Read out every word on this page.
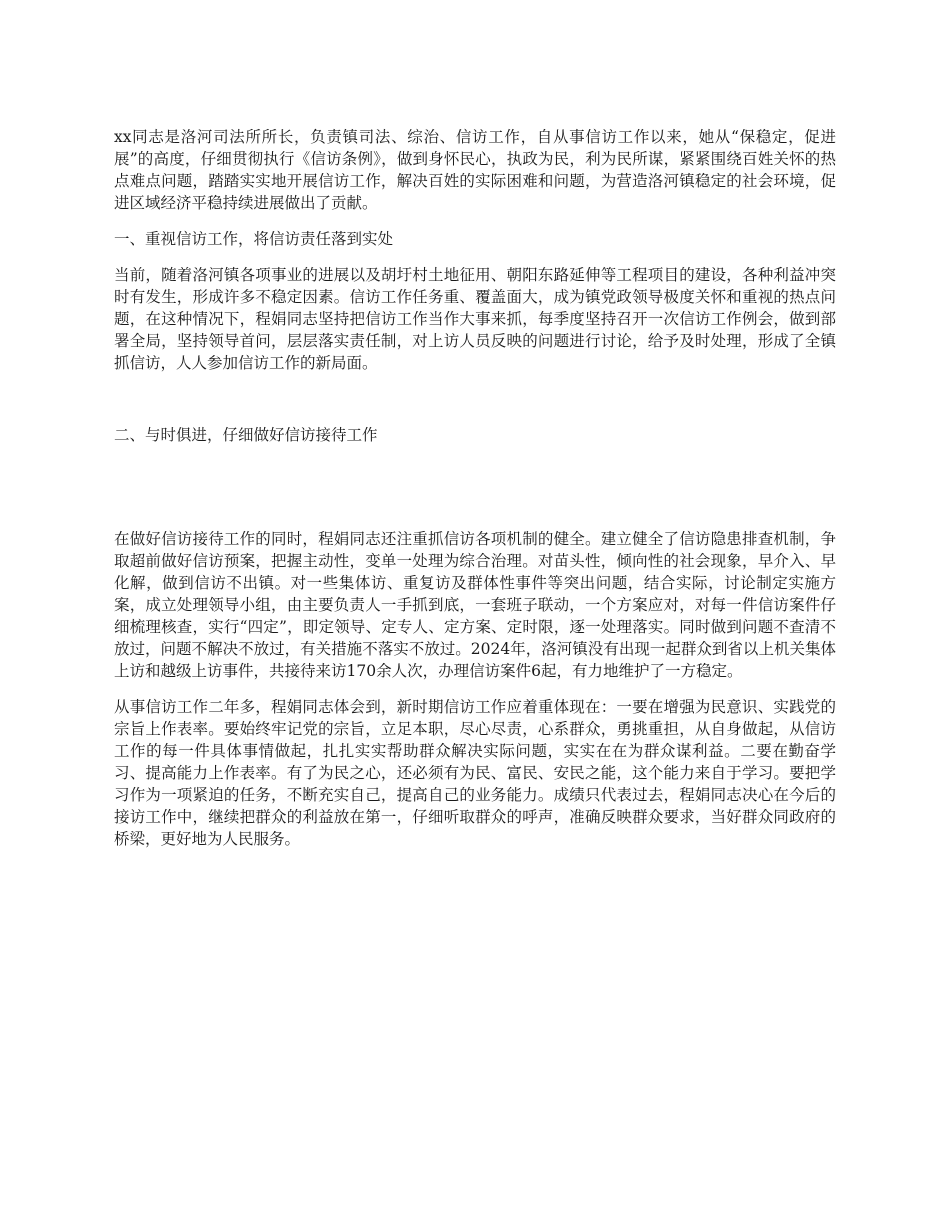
xx同志是洛河司法所所长，负责镇司法、综治、信访工作，自从事信访工作以来，她从“保稳定，促进展”的高度，仔细贯彻执行《信访条例》，做到身怀民心，执政为民，利为民所谋，紧紧围绕百姓关怀的热点难点问题，踏踏实实地开展信访工作，解决百姓的实际困难和问题，为营造洛河镇稳定的社会环境，促进区域经济平稳持续进展做出了贡献。

一、重视信访工作，将信访责任落到实处

当前，随着洛河镇各项事业的进展以及胡圩村土地征用、朝阳东路延伸等工程项目的建设，各种利益冲突时有发生，形成许多不稳定因素。信访工作任务重、覆盖面大，成为镇党政领导极度关怀和重视的热点问题，在这种情况下，程娟同志坚持把信访工作当作大事来抓，每季度坚持召开一次信访工作例会，做到部署全局，坚持领导首问，层层落实责任制，对上访人员反映的问题进行讨论，给予及时处理，形成了全镇抓信访，人人参加信访工作的新局面。

二、与时俱进，仔细做好信访接待工作

在做好信访接待工作的同时，程娟同志还注重抓信访各项机制的健全。建立健全了信访隐患排查机制，争取超前做好信访预案，把握主动性，变单一处理为综合治理。对苗头性，倾向性的社会现象，早介入、早化解，做到信访不出镇。对一些集体访、重复访及群体性事件等突出问题，结合实际，讨论制定实施方案，成立处理领导小组，由主要负责人一手抓到底，一套班子联动，一个方案应对，对每一件信访案件仔细梳理核查，实行“四定”，即定领导、定专人、定方案、定时限，逐一处理落实。同时做到问题不查清不放过，问题不解决不放过，有关措施不落实不放过。2024年，洛河镇没有出现一起群众到省以上机关集体上访和越级上访事件，共接待来访170余人次，办理信访案件6起，有力地维护了一方稳定。

从事信访工作二年多，程娟同志体会到，新时期信访工作应着重体现在：一要在增强为民意识、实践党的宗旨上作表率。要始终牢记党的宗旨，立足本职，尽心尽责，心系群众，勇挑重担，从自身做起，从信访工作的每一件具体事情做起，扎扎实实帮助群众解决实际问题，实实在在为群众谋利益。二要在勤奋学习、提高能力上作表率。有了为民之心，还必须有为民、富民、安民之能，这个能力来自于学习。要把学习作为一项紧迫的任务，不断充实自己，提高自己的业务能力。成绩只代表过去，程娟同志决心在今后的接访工作中，继续把群众的利益放在第一，仔细听取群众的呼声，准确反映群众要求，当好群众同政府的桥梁，更好地为人民服务。
